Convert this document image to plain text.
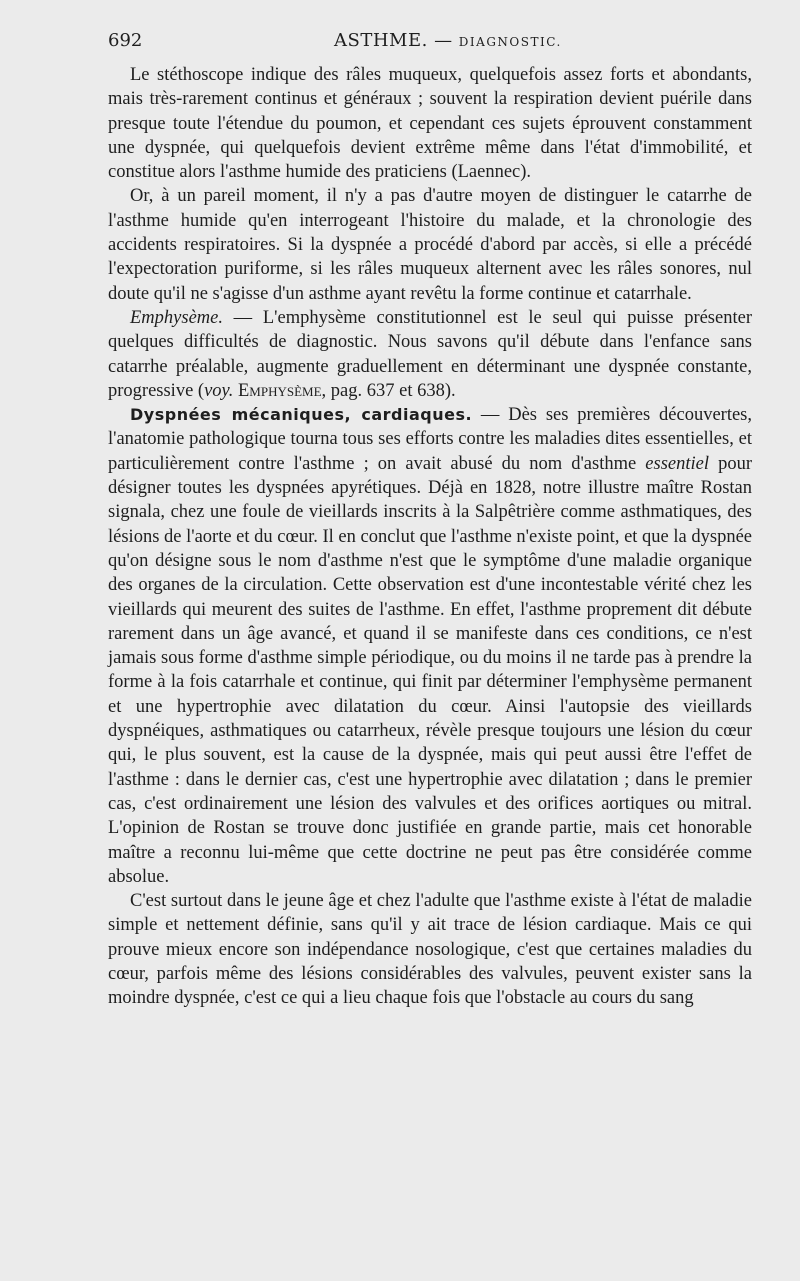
692	ASTHME. — DIAGNOSTIC.

Le stéthoscope indique des râles muqueux, quelquefois assez forts et abondants, mais très-rarement continus et généraux ; souvent la respiration devient puérile dans presque toute l'étendue du poumon, et cependant ces sujets éprouvent constamment une dyspnée, qui quelquefois devient extrême même dans l'état d'immobilité, et constitue alors l'asthme humide des praticiens (Laennec).

Or, à un pareil moment, il n'y a pas d'autre moyen de distinguer le catarrhe de l'asthme humide qu'en interrogeant l'histoire du malade, et la chronologie des accidents respiratoires. Si la dyspnée a procédé d'abord par accès, si elle a précédé l'expectoration puriforme, si les râles muqueux alternent avec les râles sonores, nul doute qu'il ne s'agisse d'un asthme ayant revêtu la forme continue et catarrhale.

Emphysème. — L'emphysème constitutionnel est le seul qui puisse présenter quelques difficultés de diagnostic. Nous savons qu'il débute dans l'enfance sans catarrhe préalable, augmente graduellement en déterminant une dyspnée constante, progressive (voy. Emphysème, pag. 637 et 638).

Dyspnées mécaniques, cardiaques. — Dès ses premières découvertes, l'anatomie pathologique tourna tous ses efforts contre les maladies dites essentielles, et particulièrement contre l'asthme ; on avait abusé du nom d'asthme essentiel pour désigner toutes les dyspnées apyrétiques. Déjà en 1828, notre illustre maître Rostan signala, chez une foule de vieillards inscrits à la Salpêtrière comme asthmatiques, des lésions de l'aorte et du cœur. Il en conclut que l'asthme n'existe point, et que la dyspnée qu'on désigne sous le nom d'asthme n'est que le symptôme d'une maladie organique des organes de la circulation. Cette observation est d'une incontestable vérité chez les vieillards qui meurent des suites de l'asthme. En effet, l'asthme proprement dit débute rarement dans un âge avancé, et quand il se manifeste dans ces conditions, ce n'est jamais sous forme d'asthme simple périodique, ou du moins il ne tarde pas à prendre la forme à la fois catarrhale et continue, qui finit par déterminer l'emphysème permanent et une hypertrophie avec dilatation du cœur. Ainsi l'autopsie des vieillards dyspnéiques, asthmatiques ou catarrheux, révèle presque toujours une lésion du cœur qui, le plus souvent, est la cause de la dyspnée, mais qui peut aussi être l'effet de l'asthme : dans le dernier cas, c'est une hypertrophie avec dilatation ; dans le premier cas, c'est ordinairement une lésion des valvules et des orifices aortiques ou mitral. L'opinion de Rostan se trouve donc justifiée en grande partie, mais cet honorable maître a reconnu lui-même que cette doctrine ne peut pas être considérée comme absolue.

C'est surtout dans le jeune âge et chez l'adulte que l'asthme existe à l'état de maladie simple et nettement définie, sans qu'il y ait trace de lésion cardiaque. Mais ce qui prouve mieux encore son indépendance nosologique, c'est que certaines maladies du cœur, parfois même des lésions considérables des valvules, peuvent exister sans la moindre dyspnée, c'est ce qui a lieu chaque fois que l'obstacle au cours du sang
